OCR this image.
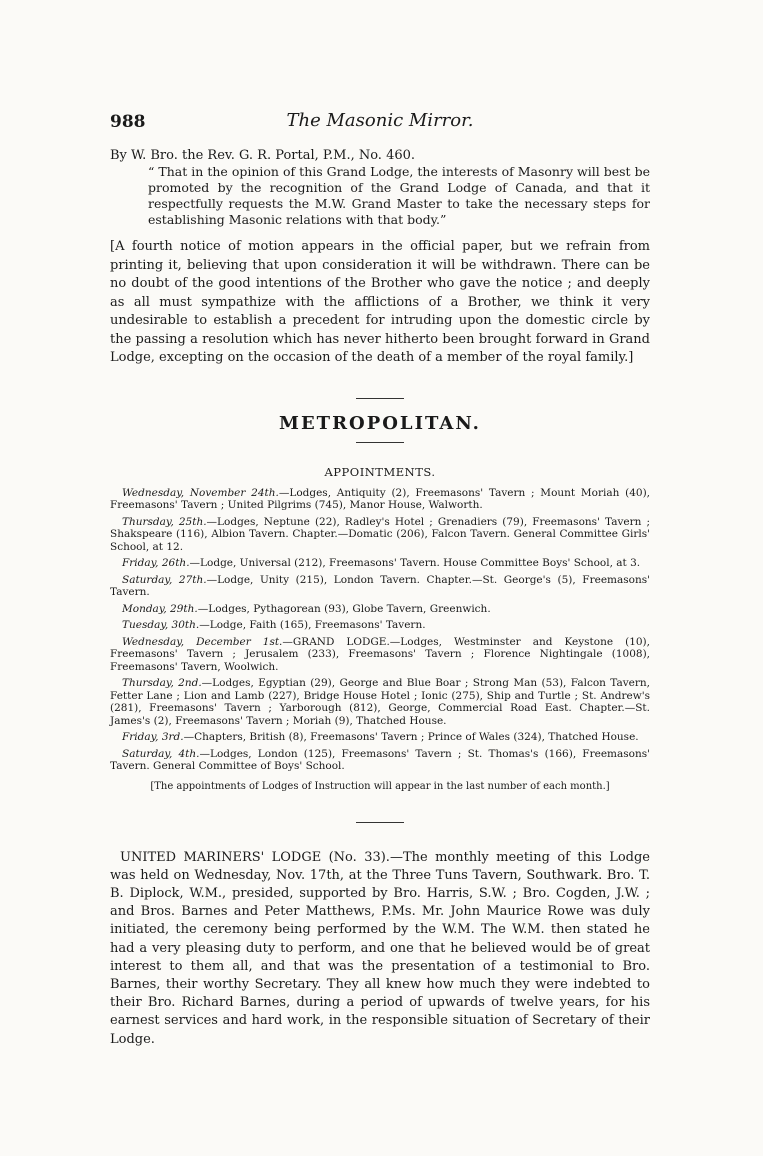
988	The Masonic Mirror.

By W. Bro. the Rev. G. R. Portal, P.M., No. 460.

“ That in the opinion of this Grand Lodge, the interests of Masonry will best be promoted by the recognition of the Grand Lodge of Canada, and that it respectfully requests the M.W. Grand Master to take the necessary steps for establishing Masonic relations with that body.”

[A fourth notice of motion appears in the official paper, but we refrain from printing it, believing that upon consideration it will be withdrawn. There can be no doubt of the good intentions of the Brother who gave the notice ; and deeply as all must sympathize with the afflictions of a Brother, we think it very undesirable to establish a precedent for intruding upon the domestic circle by the passing a resolution which has never hitherto been brought forward in Grand Lodge, excepting on the occasion of the death of a member of the royal family.]

METROPOLITAN.
APPOINTMENTS.

Wednesday, November 24th.—Lodges, Antiquity (2), Freemasons' Tavern ; Mount Moriah (40), Freemasons' Tavern ; United Pilgrims (745), Manor House, Walworth.

Thursday, 25th.—Lodges, Neptune (22), Radley's Hotel ; Grenadiers (79), Freemasons' Tavern ; Shakspeare (116), Albion Tavern. Chapter.—Domatic (206), Falcon Tavern. General Committee Girls' School, at 12.

Friday, 26th.—Lodge, Universal (212), Freemasons' Tavern. House Committee Boys' School, at 3.

Saturday, 27th.—Lodge, Unity (215), London Tavern. Chapter.—St. George's (5), Freemasons' Tavern.

Monday, 29th.—Lodges, Pythagorean (93), Globe Tavern, Greenwich.

Tuesday, 30th.—Lodge, Faith (165), Freemasons' Tavern.

Wednesday, December 1st.—GRAND LODGE.—Lodges, Westminster and Keystone (10), Freemasons' Tavern ; Jerusalem (233), Freemasons' Tavern ; Florence Nightingale (1008), Freemasons' Tavern, Woolwich.

Thursday, 2nd.—Lodges, Egyptian (29), George and Blue Boar ; Strong Man (53), Falcon Tavern, Fetter Lane ; Lion and Lamb (227), Bridge House Hotel ; Ionic (275), Ship and Turtle ; St. Andrew's (281), Freemasons' Tavern ; Yarborough (812), George, Commercial Road East. Chapter.—St. James's (2), Freemasons' Tavern ; Moriah (9), Thatched House.

Friday, 3rd.—Chapters, British (8), Freemasons' Tavern ; Prince of Wales (324), Thatched House.

Saturday, 4th.—Lodges, London (125), Freemasons' Tavern ; St. Thomas's (166), Freemasons' Tavern. General Committee of Boys' School.

[The appointments of Lodges of Instruction will appear in the last number of each month.]

UNITED MARINERS' LODGE (No. 33).—The monthly meeting of this Lodge was held on Wednesday, Nov. 17th, at the Three Tuns Tavern, Southwark. Bro. T. B. Diplock, W.M., presided, supported by Bro. Harris, S.W. ; Bro. Cogden, J.W. ; and Bros. Barnes and Peter Matthews, P.Ms. Mr. John Maurice Rowe was duly initiated, the ceremony being performed by the W.M. The W.M. then stated he had a very pleasing duty to perform, and one that he believed would be of great interest to them all, and that was the presentation of a testimonial to Bro. Barnes, their worthy Secretary. They all knew how much they were indebted to their Bro. Richard Barnes, during a period of upwards of twelve years, for his earnest services and hard work, in the responsible situation of Secretary of their Lodge.
